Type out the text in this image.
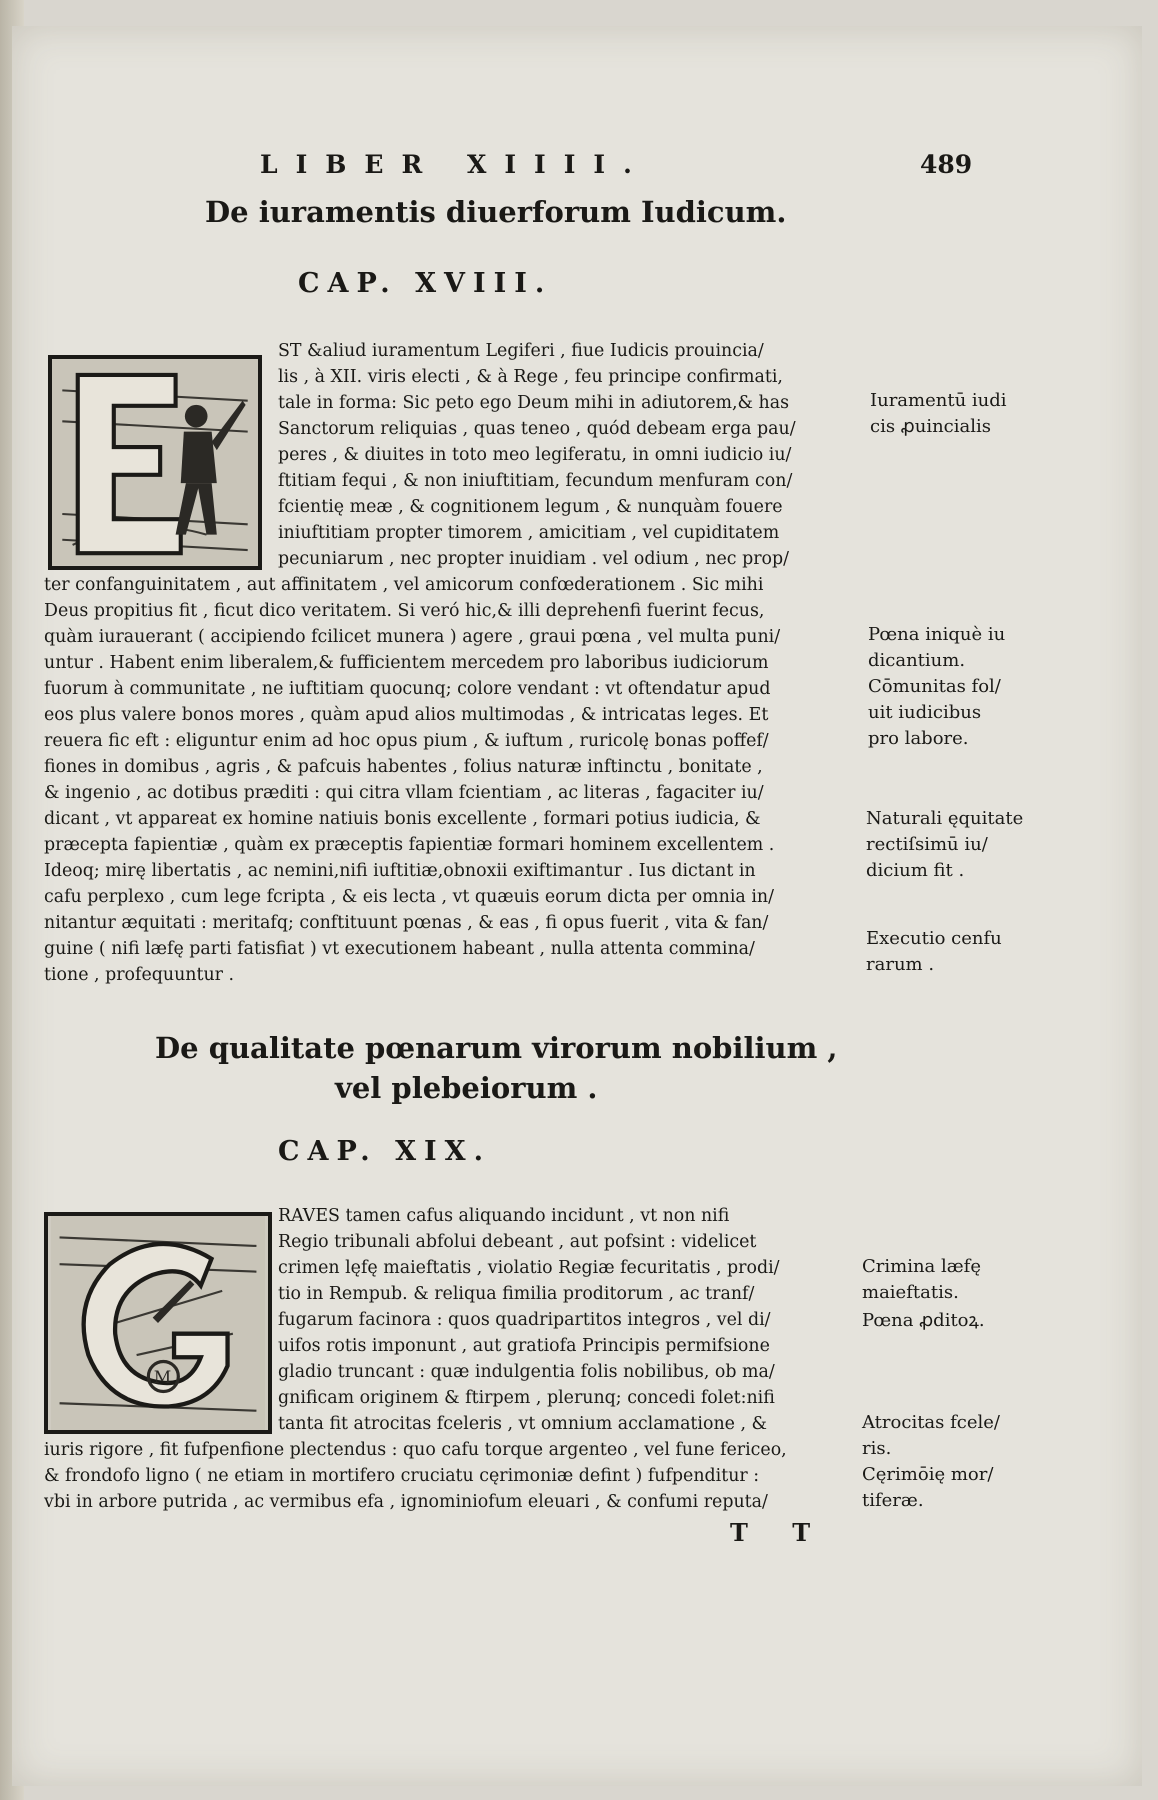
LIBER XIIII.	489
De iuramentis diuerforum Iudicum.
CAP. XVIII.
ST &aliud iuramentum Legiferi , fiue Iudicis prouincia/
lis , à XII. viris electi , & à Rege , feu principe confirmati,
tale in forma: Sic peto ego Deum mihi in adiutorem,& has
Sanctorum reliquias , quas teneo , quód debeam erga pau/
peres , & diuites in toto meo legiferatu, in omni iudicio iu/
ftitiam fequi , & non iniuftitiam, fecundum menfuram con/
fcientię meæ , & cognitionem legum , & nunquàm fouere
iniuftitiam propter timorem , amicitiam , vel cupiditatem
pecuniarum , nec propter inuidiam . vel odium , nec prop/
ter confanguinitatem , aut affinitatem , vel amicorum confœderationem . Sic mihi
Deus propitius fit , ficut dico veritatem. Si veró hic,& illi deprehenfi fuerint fecus,
quàm iurauerant ( accipiendo fcilicet munera ) agere , graui pœna , vel multa puni/
untur . Habent enim liberalem,& fufficientem mercedem pro laboribus iudiciorum
fuorum à communitate , ne iuftitiam quocunq; colore vendant : vt oftendatur apud
eos plus valere bonos mores , quàm apud alios multimodas , & intricatas leges. Et
reuera fic eft : eliguntur enim ad hoc opus pium , & iuftum , ruricolę bonas poffef/
fiones in domibus , agris , & pafcuis habentes , folius naturæ inftinctu , bonitate ,
& ingenio , ac dotibus præditi : qui citra vllam fcientiam , ac literas , fagaciter iu/
dicant , vt appareat ex homine natiuis bonis excellente , formari potius iudicia, &
præcepta fapientiæ , quàm ex præceptis fapientiæ formari hominem excellentem .
Ideoq; mirę libertatis , ac nemini,nifi iuftitiæ,obnoxii exiftimantur . Ius dictant in
cafu perplexo , cum lege fcripta , & eis lecta , vt quæuis eorum dicta per omnia in/
nitantur æquitati : meritafq; conftituunt pœnas , & eas , fi opus fuerit , vita & fan/
guine ( nifi læfę parti fatisfiat ) vt executionem habeant , nulla attenta commina/
tione , profequuntur .
Iuramentū iudi
cis ꝓuincialis
Pœna iniquè iu
dicantium.
Cōmunitas fol/
uit iudicibus
pro labore.
Naturali ęquitate
rectiſsimū iu/
dicium fit .
Executio cenfu
rarum .
De qualitate pœnarum virorum nobilium ,
vel plebeiorum .
CAP. XIX.
M
RAVES tamen cafus aliquando incidunt , vt non nifi
Regio tribunali abfolui debeant , aut pofsint : videlicet
crimen lęfę maieftatis , violatio Regiæ fecuritatis , prodi/
tio in Rempub. & reliqua fimilia proditorum , ac tranf/
fugarum facinora : quos quadripartitos integros , vel di/
uifos rotis imponunt , aut gratiofa Principis permifsione
gladio truncant : quæ indulgentia folis nobilibus, ob ma/
gnificam originem & ftirpem , plerunq; concedi folet:nifi
tanta fit atrocitas fceleris , vt omnium acclamatione , &
iuris rigore , fit fufpenfione plectendus : quo cafu torque argenteo , vel fune fericeo,
& frondofo ligno ( ne etiam in mortifero cruciatu cęrimoniæ defint ) fufpenditur :
vbi in arbore putrida , ac vermibus efa , ignominiofum eleuari , & confumi reputa/
Crimina læfę
maieftatis.
Pœna ꝓditoꝝ.
Atrocitas fcele/
ris.
Cęrimōię mor/
tiferæ.
T T
